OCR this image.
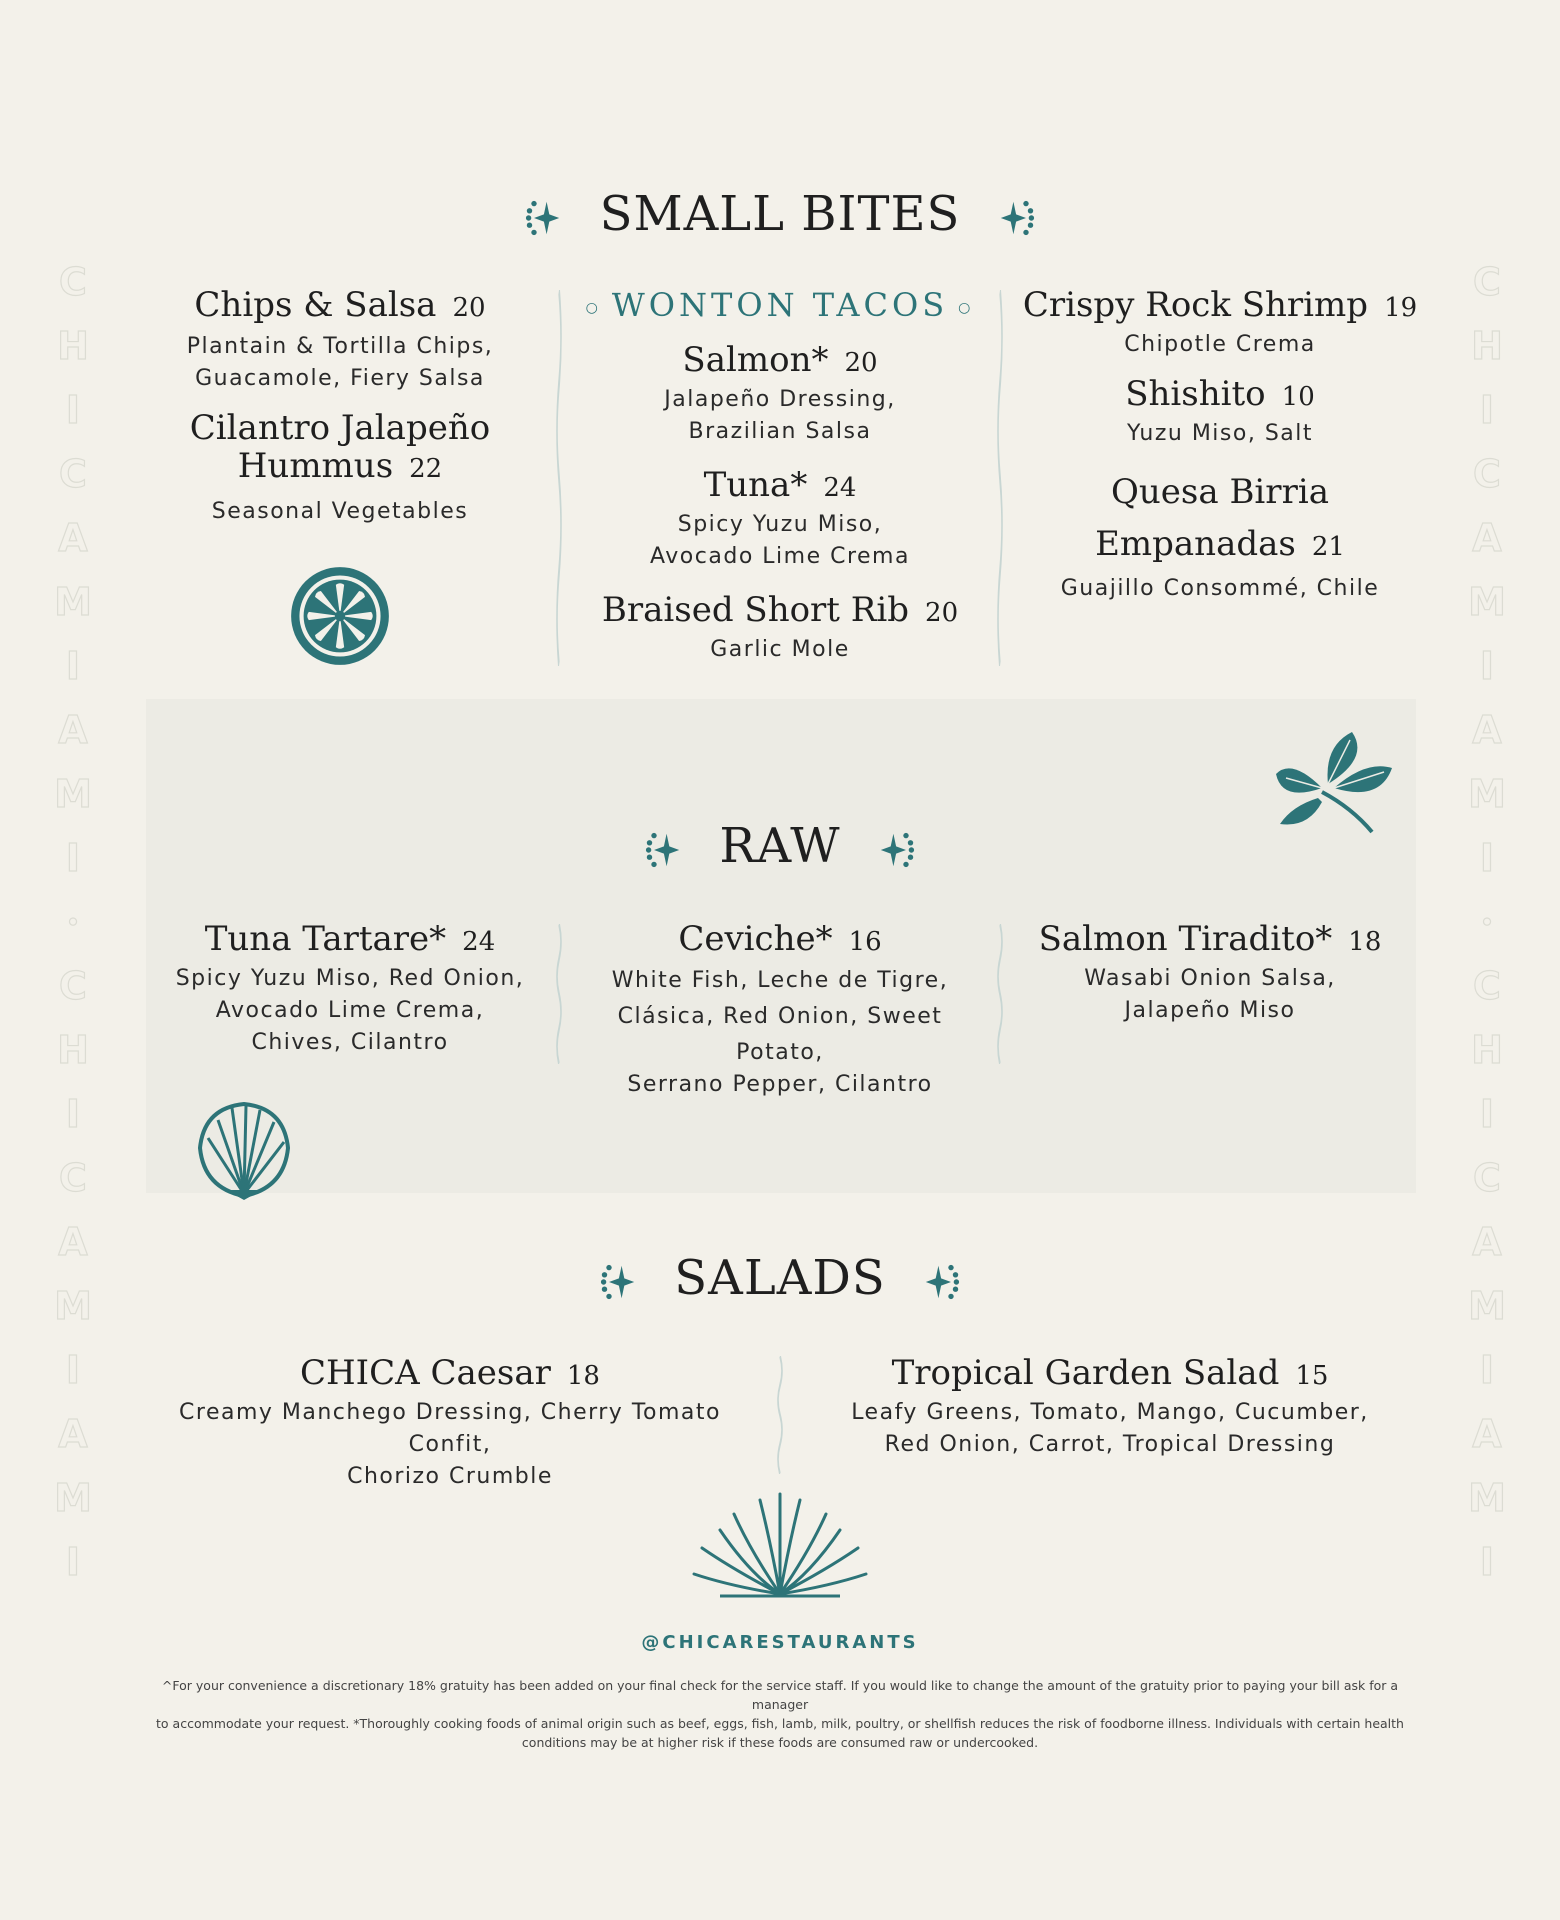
C
H
I
C
A
M
I
A
M
I
•
C
H
I
C
A
M
I
A
M
I
C
H
I
C
A
M
I
A
M
I
•
C
H
I
C
A
M
I
A
M
I
SMALL BITES
Chips & Salsa 20
Plantain & Tortilla Chips,
Guacamole, Fiery Salsa
Cilantro Jalapeño
Hummus 22
Seasonal Vegetables
○ WONTON TACOS ○
Salmon* 20
Jalapeño Dressing,
Brazilian Salsa
Tuna* 24
Spicy Yuzu Miso,
Avocado Lime Crema
Braised Short Rib 20
Garlic Mole
Crispy Rock Shrimp 19
Chipotle Crema
Shishito 10
Yuzu Miso, Salt
Quesa Birria
Empanadas 21
Guajillo Consommé, Chile
RAW
Tuna Tartare* 24
Spicy Yuzu Miso, Red Onion,
Avocado Lime Crema,
Chives, Cilantro
Ceviche* 16
White Fish, Leche de Tigre,
Clásica, Red Onion, Sweet Potato,
Serrano Pepper, Cilantro
Salmon Tiradito* 18
Wasabi Onion Salsa,
Jalapeño Miso
SALADS
CHICA Caesar 18
Creamy Manchego Dressing, Cherry Tomato Confit,
Chorizo Crumble
Tropical Garden Salad 15
Leafy Greens, Tomato, Mango, Cucumber,
Red Onion, Carrot, Tropical Dressing
@CHICARESTAURANTS
^For your convenience a discretionary 18% gratuity has been added on your final check for the service staff. If you would like to change the amount of the gratuity prior to paying your bill ask for a manager
to accommodate your request. *Thoroughly cooking foods of animal origin such as beef, eggs, fish, lamb, milk, poultry, or shellfish reduces the risk of foodborne illness. Individuals with certain health
conditions may be at higher risk if these foods are consumed raw or undercooked.
